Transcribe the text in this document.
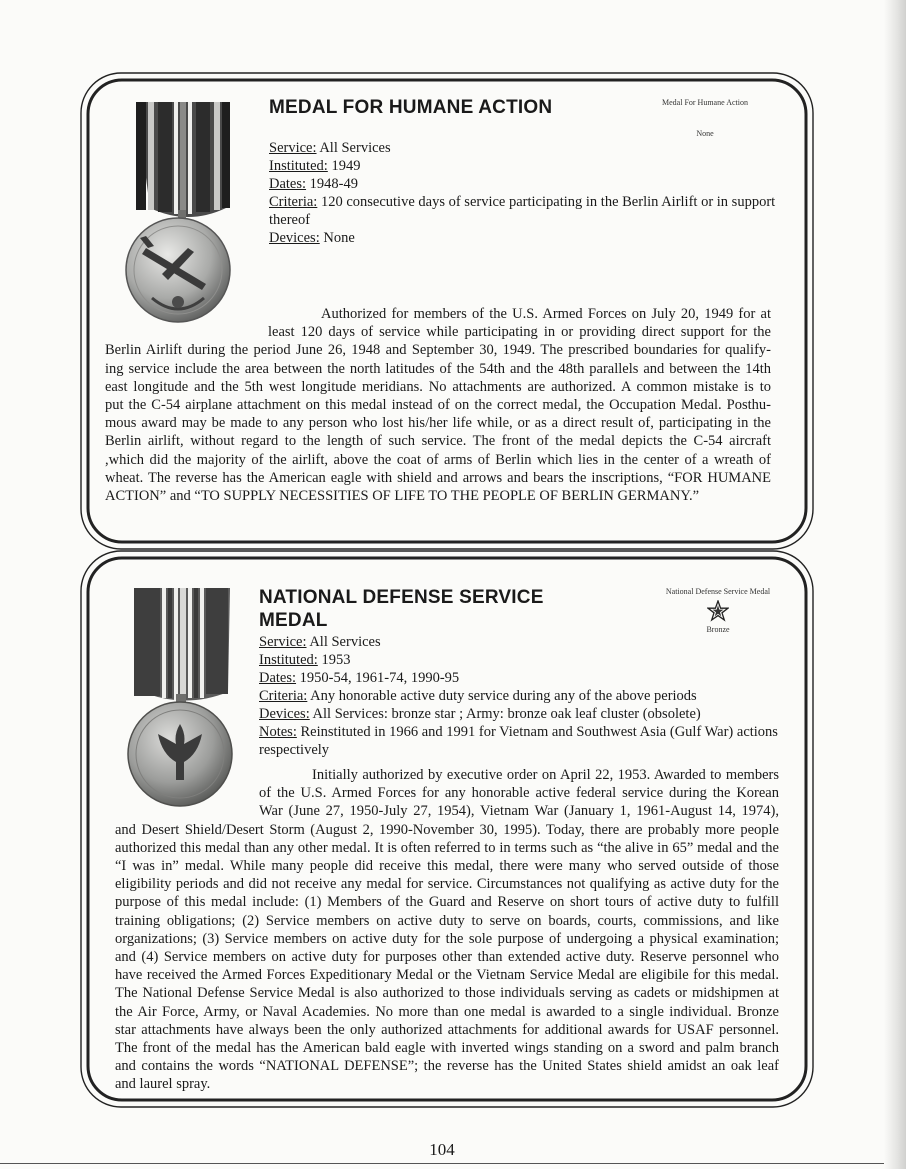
MEDAL FOR HUMANE ACTION	Medal For Humane Action
None

Service: All Services

Instituted: 1949

Dates: 1948-49

Criteria: 120 consecutive days of service participating in the Berlin Airlift or in support thereof

Devices: None

Authorized for members of the U.S. Armed Forces on July 20, 1949 for at
least 120 days of service while participating in or providing direct support for the
Berlin Airlift during the period June 26, 1948 and September 30, 1949. The prescribed boundaries for qualify-
ing service include the area between the north latitudes of the 54th and the 48th parallels and between the 14th
east longitude and the 5th west longitude meridians. No attachments are authorized. A common mistake is to
put the C-54 airplane attachment on this medal instead of on the correct medal, the Occupation Medal. Posthu-
mous award may be made to any person who lost his/her life while, or as a direct result of, participating in the
Berlin airlift, without regard to the length of such service. The front of the medal depicts the C-54 aircraft
,which did the majority of the airlift, above the coat of arms of Berlin which lies in the center of a wreath of
wheat. The reverse has the American eagle with shield and arrows and bears the inscriptions, “FOR HUMANE
ACTION” and “TO SUPPLY NECESSITIES OF LIFE TO THE PEOPLE OF BERLIN GERMANY.”
NATIONAL DEFENSE SERVICE
MEDAL
National Defense Service Medal
Bronze

Service: All Services

Instituted: 1953

Dates: 1950-54, 1961-74, 1990-95

Criteria: Any honorable active duty service during any of the above periods

Devices: All Services: bronze star ; Army: bronze oak leaf cluster (obsolete)

Notes: Reinstituted in 1966 and 1991 for Vietnam and Southwest Asia (Gulf War) actions respectively

Initially authorized by executive order on April 22, 1953. Awarded to members
of the U.S. Armed Forces for any honorable active federal service during the Korean
War (June 27, 1950-July 27, 1954), Vietnam War (January 1, 1961-August 14, 1974),
and Desert Shield/Desert Storm (August 2, 1990-November 30, 1995). Today, there are probably more people
authorized this medal than any other medal. It is often referred to in terms such as “the alive in 65” medal and the
“I was in” medal. While many people did receive this medal, there were many who served outside of those
eligibility periods and did not receive any medal for service. Circumstances not qualifying as active duty for the
purpose of this medal include: (1) Members of the Guard and Reserve on short tours of active duty to fulfill
training obligations; (2) Service members on active duty to serve on boards, courts, commissions, and like
organizations; (3) Service members on active duty for the sole purpose of undergoing a physical examination;
and (4) Service members on active duty for purposes other than extended active duty. Reserve personnel who
have received the Armed Forces Expeditionary Medal or the Vietnam Service Medal are eligibile for this medal.
The National Defense Service Medal is also authorized to those individuals serving as cadets or midshipmen at
the Air Force, Army, or Naval Academies. No more than one medal is awarded to a single individual. Bronze
star attachments have always been the only authorized attachments for additional awards for USAF personnel.
The front of the medal has the American bald eagle with inverted wings standing on a sword and palm branch
and contains the words “NATIONAL DEFENSE”; the reverse has the United States shield amidst an oak leaf
and laurel spray.
104
